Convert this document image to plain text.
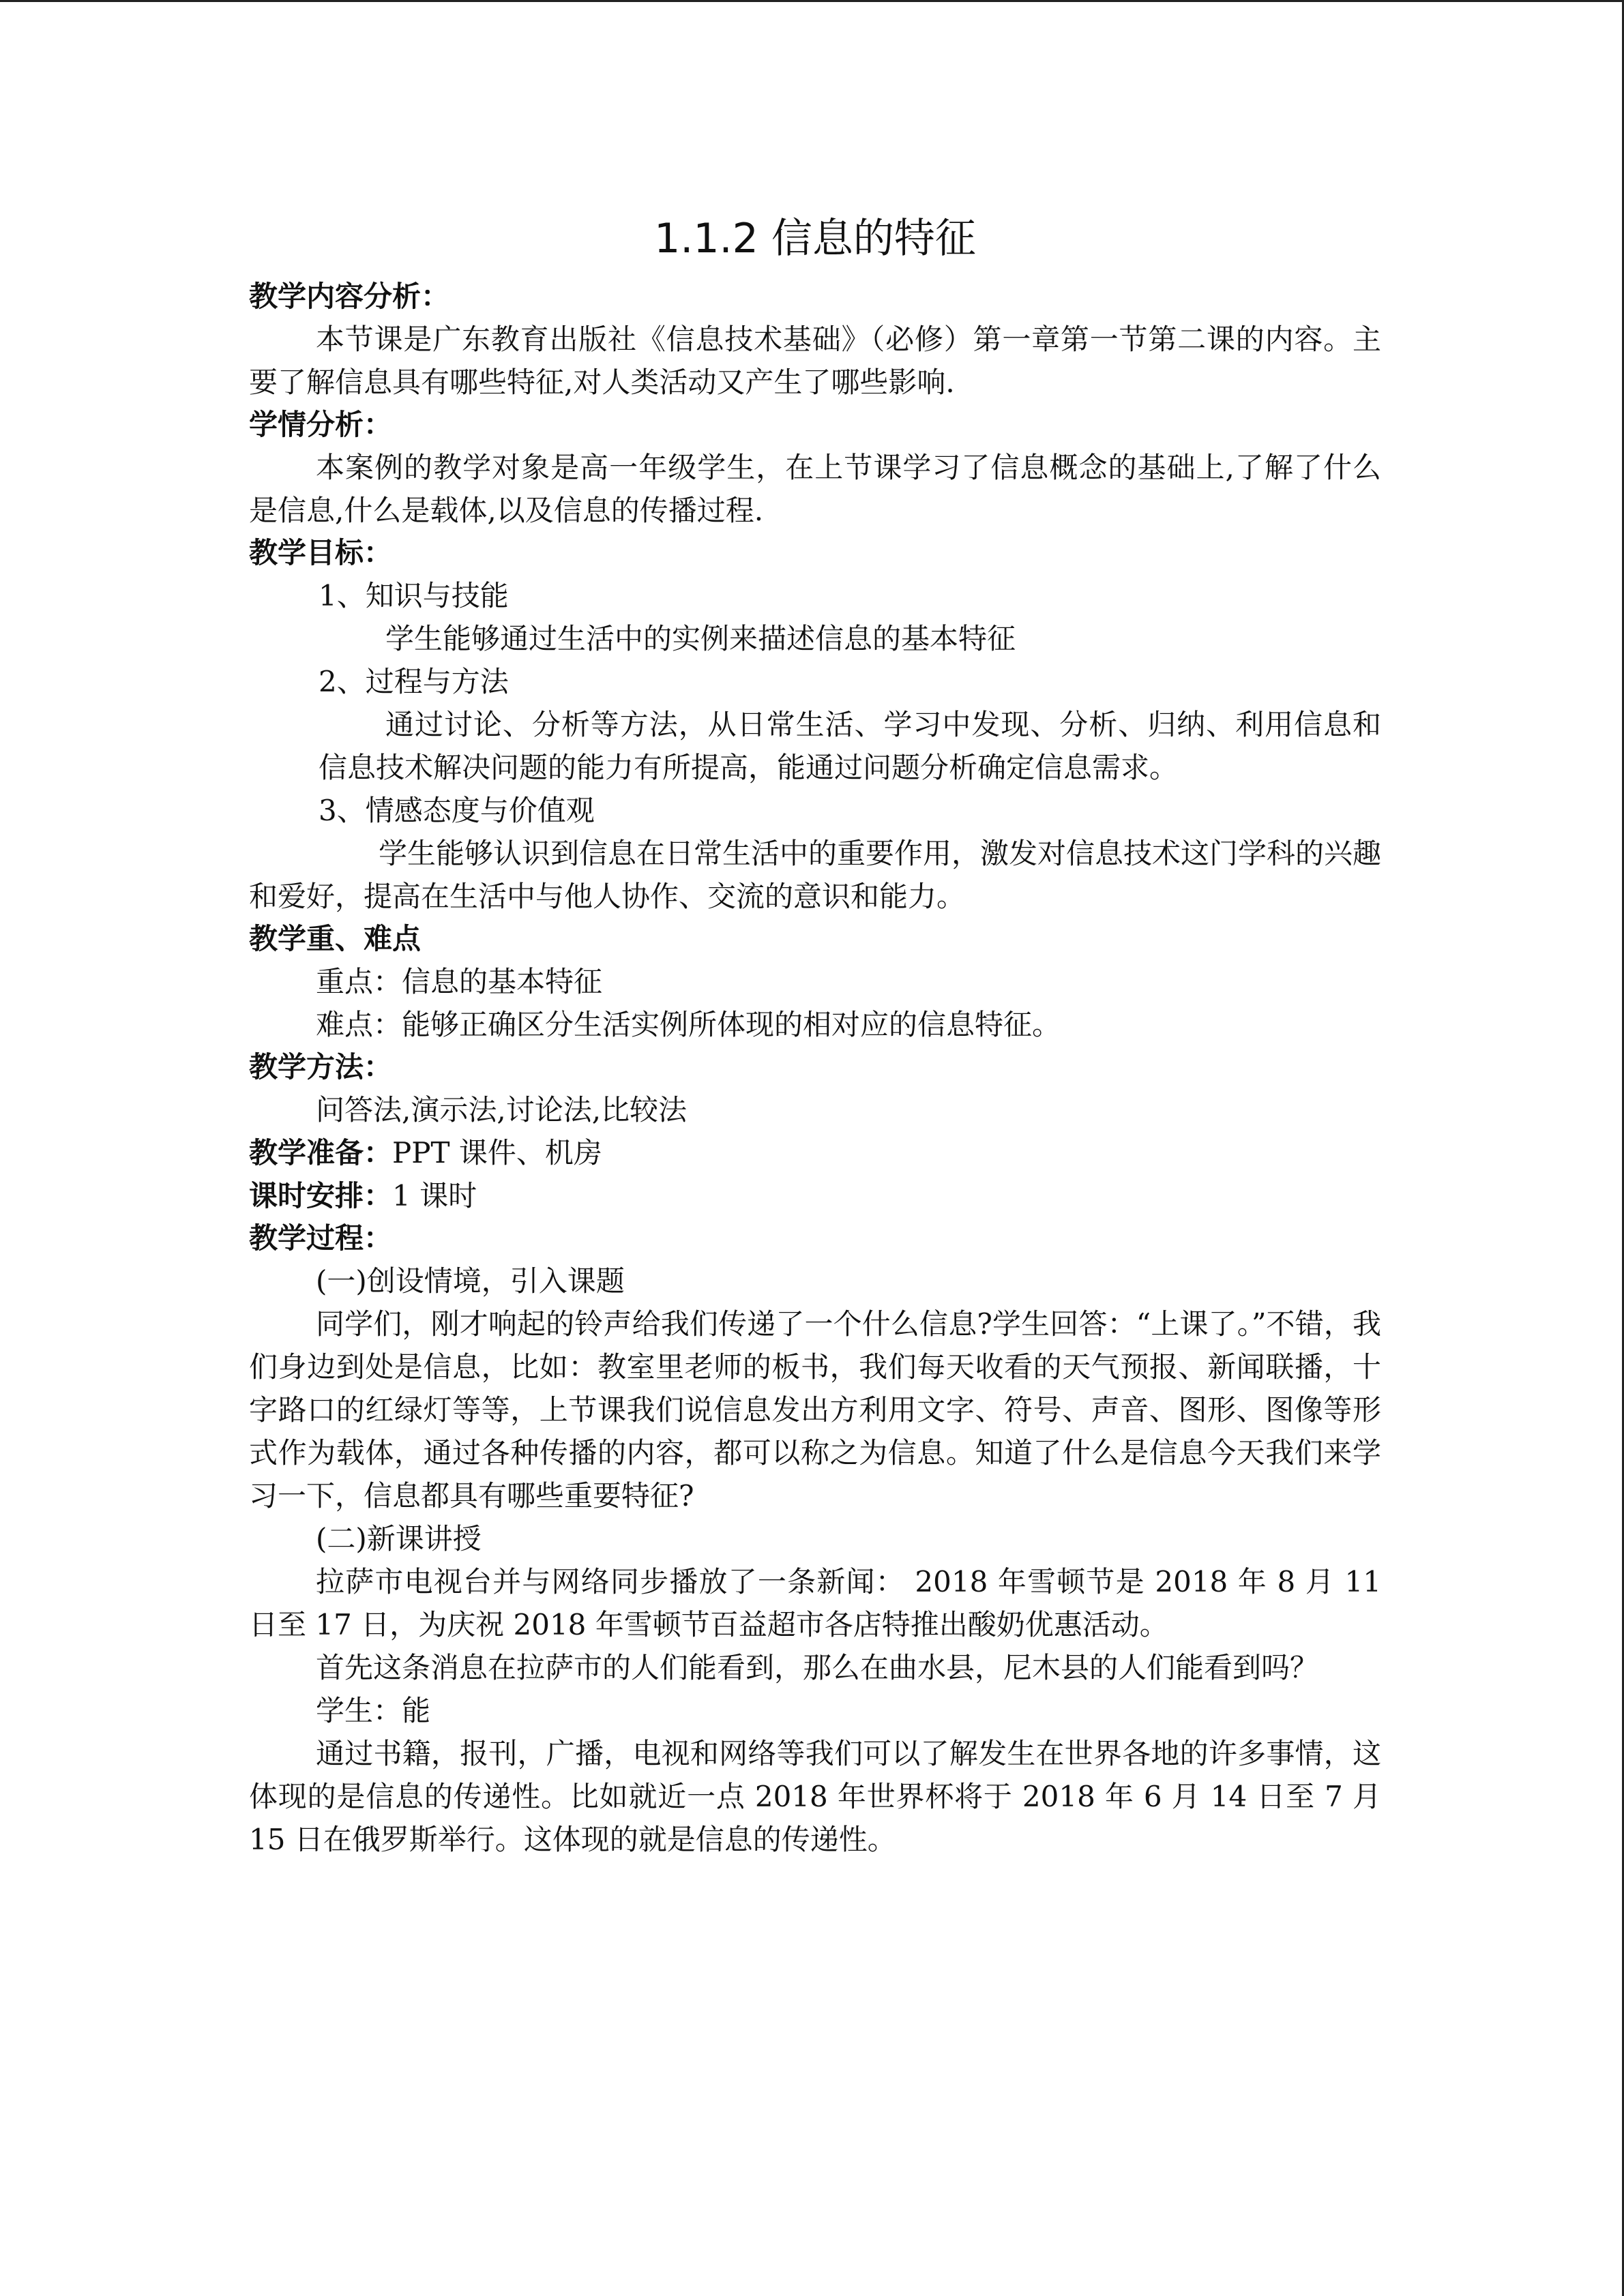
1.1.2 信息的特征
教学内容分析：

本节课是广东教育出版社《信息技术基础》（必修）第一章第一节第二课的内容。主要了解信息具有哪些特征,对人类活动又产生了哪些影响.

学情分析：

本案例的教学对象是高一年级学生，在上节课学习了信息概念的基础上,了解了什么是信息,什么是载体,以及信息的传播过程.

教学目标：

1、知识与技能

学生能够通过生活中的实例来描述信息的基本特征

2、过程与方法

通过讨论、分析等方法，从日常生活、学习中发现、分析、归纳、利用信息和信息技术解决问题的能力有所提高，能通过问题分析确定信息需求。

3、情感态度与价值观

学生能够认识到信息在日常生活中的重要作用，激发对信息技术这门学科的兴趣和爱好，提高在生活中与他人协作、交流的意识和能力。

教学重、难点

重点：信息的基本特征

难点：能够正确区分生活实例所体现的相对应的信息特征。

教学方法：

问答法,演示法,讨论法,比较法

教学准备：PPT 课件、机房

课时安排：1 课时

教学过程：

(一)创设情境，引入课题

同学们，刚才响起的铃声给我们传递了一个什么信息?学生回答：“上课了。”不错，我们身边到处是信息，比如：教室里老师的板书，我们每天收看的天气预报、新闻联播，十字路口的红绿灯等等，上节课我们说信息发出方利用文字、符号、声音、图形、图像等形式作为载体，通过各种传播的内容，都可以称之为信息。知道了什么是信息今天我们来学习一下，信息都具有哪些重要特征?

(二)新课讲授

拉萨市电视台并与网络同步播放了一条新闻： 2018 年雪顿节是 2018 年 8 月 11 日至 17 日，为庆祝 2018 年雪顿节百益超市各店特推出酸奶优惠活动。

首先这条消息在拉萨市的人们能看到，那么在曲水县，尼木县的人们能看到吗？

学生：能

通过书籍，报刊，广播，电视和网络等我们可以了解发生在世界各地的许多事情，这体现的是信息的传递性。比如就近一点 2018 年世界杯将于 2018 年 6 月 14 日至 7 月 15 日在俄罗斯举行。这体现的就是信息的传递性。
